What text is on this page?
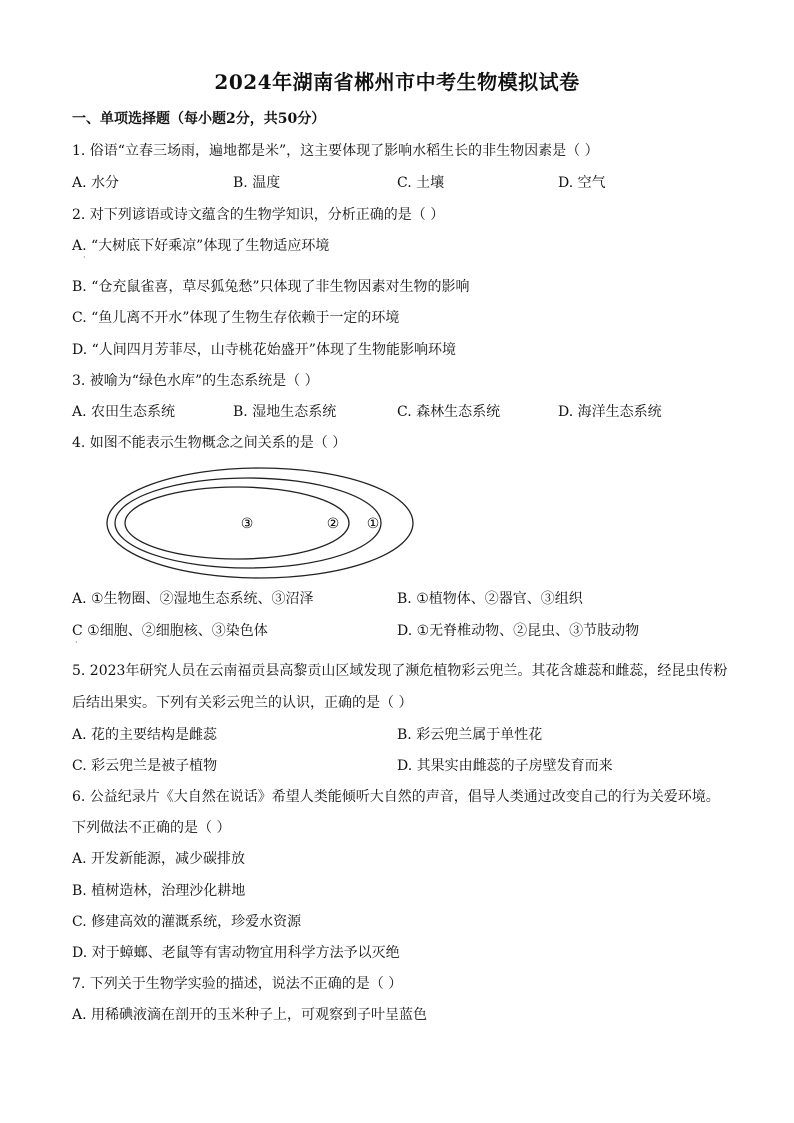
2024年湖南省郴州市中考生物模拟试卷
一、单项选择题（每小题2分，共50分）
1. 俗语“立春三场雨，遍地都是米”，这主要体现了影响水稻生长的非生物因素是（ ）
A. 水分	B. 温度	C. 土壤	D. 空气
2. 对下列谚语或诗文蕴含的生物学知识，分析正确的是（ ）
A. “大树底下好乘凉”体现了生物适应环境
·
B. “仓充鼠雀喜，草尽狐兔愁”只体现了非生物因素对生物的影响
C. “鱼儿离不开水”体现了生物生存依赖于一定的环境
D. “人间四月芳菲尽，山寺桃花始盛开”体现了生物能影响环境
3. 被喻为“绿色水库”的生态系统是（ ）
A. 农田生态系统	B. 湿地生态系统	C. 森林生态系统	D. 海洋生态系统
4. 如图不能表示生物概念之间关系的是（ ）
③	② ①
A. ①生物圈、②湿地生态系统、③沼泽	B. ①植物体、②器官、③组织
C ①细胞、②细胞核、③染色体
·
D. ①无脊椎动物、②昆虫、③节肢动物
5. 2023年研究人员在云南福贡县高黎贡山区域发现了濒危植物彩云兜兰。其花含雄蕊和雌蕊，经昆虫传粉
后结出果实。下列有关彩云兜兰的认识，正确的是（ ）
A. 花的主要结构是雌蕊	B. 彩云兜兰属于单性花
C. 彩云兜兰是被子植物	D. 其果实由雌蕊的子房壁发育而来
6. 公益纪录片《大自然在说话》希望人类能倾听大自然的声音，倡导人类通过改变自己的行为关爱环境。
下列做法不正确的是（ ）
A. 开发新能源，减少碳排放
B. 植树造林，治理沙化耕地
C. 修建高效的灌溉系统，珍爱水资源
D. 对于蟑螂、老鼠等有害动物宜用科学方法予以灭绝
7. 下列关于生物学实验的描述，说法不正确的是（ ）
A. 用稀碘液滴在剖开的玉米种子上，可观察到子叶呈蓝色
